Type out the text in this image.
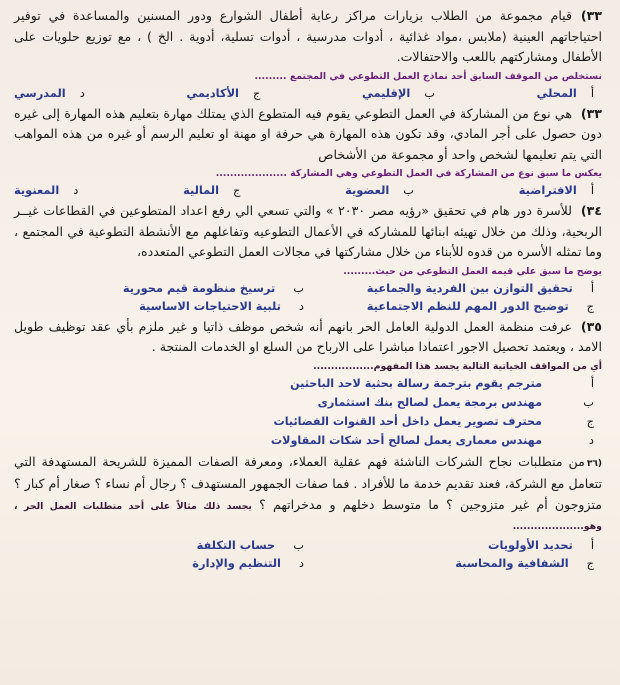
٣٣)قيام مجموعة من الطلاب بزيارات مراكز رعاية أطفال الشوارع ودور المسنين والمساعدة في توفير احتياجاتهم العينية (ملابس ،مواد غذائية ، أدوات مدرسية ، أدوات تسلية، أدوية . الخ ) ، مع توزيع حلويات على الأطفال ومشاركتهم باللعب والاحتفالات.

نستخلص من الموقف السابق أحد نماذج العمل التطوعي في المجتمع .........
أ
المحلي
ب
الإقليمي
ج
الأكاديمي
د
المدرسي

٣٣)هي نوع من المشاركة في العمل التطوعي يقوم فيه المتطوع الذي يمتلك مهارة بتعليم هذه المهارة إلى غيره دون حصول على أجر المادي، وقد تكون هذه المهارة هي حرفة او مهنة او تعليم الرسم أو غيره من هذه المواهب التي يتم تعليمها لشخص واحد أو مجموعة من الأشخاص

يعكس ما سبق نوع من المشاركة في العمل التطوعي وهي المشاركة ....................
أ
الافتراضية
ب
العضوية
ج
المالية
د
المعنوية

٣٤)للأسرة دور هام في تحقيق «رؤيه مصر ٢٠٣٠ » والتي تسعي الي رفع اعداد المتطوعين في القطاعات غيــر الربحية، وذلك من خلال تهيئه ابنائها للمشاركه في الأعمال التطوعيه وتفاعلهم مع الأنشطة التطوعية في المجتمع ، وما تمثله الأسره من قدوه للأبناء من خلال مشاركتها في مجالات العمل التطوعي المتعدده،

يوضح ما سبق علي قيمه العمل التطوعي من حيث.........
أ
تحقيق التوازن بين الفردية والجماعية
ب
ترسيخ منظومة قيم محورية
ج
توضيح الدور المهم للنظم الاجتماعية
د
تلبية الاحتياجات الاساسية

٣٥)عرفت منظمة العمل الدولية العامل الحر بانهم أنه شخص موظف ذاتيا و غير ملزم بأي عقد توظيف طويل الامد ، ويعتمد تحصيل الاجور اعتمادا مباشرا على الارباح من السلع او الخدمات المنتجة .

أي من المواقف الحياتية التالية يجسد هذا المفهوم.................
أ
مترجم يقوم بترجمة رسالة بحثية لاحد الباحثين
ب
مهندس برمجة يعمل لصالح بنك استثمارى
ج
محترف تصوير يعمل داخل أحد القنوات الفضائيات
د
مهندس معمارى يعمل لصالح أحد شكات المقاولات

(٣٦من متطلبات نجاح الشركات الناشئة فهم عقلية العملاء، ومعرفة الصفات المميزة للشريحة المستهدفة التي تتعامل مع الشركة، فعند تقديم خدمة ما للأفراد . فما صفات الجمهور المستهدف ؟ رجال أم نساء ؟ صغار أم كبار ؟ متزوجون أم غير متزوجين ؟ ما متوسط دخلهم و مدخراتهم ؟ يجسد ذلك مثالاً على أحد متطلبات العمل الحر ، وهو....................

أ
تحديد الأولويات
ب
حساب التكلفة
ج
الشفافية والمحاسبة
د
التنظيم والإدارة
